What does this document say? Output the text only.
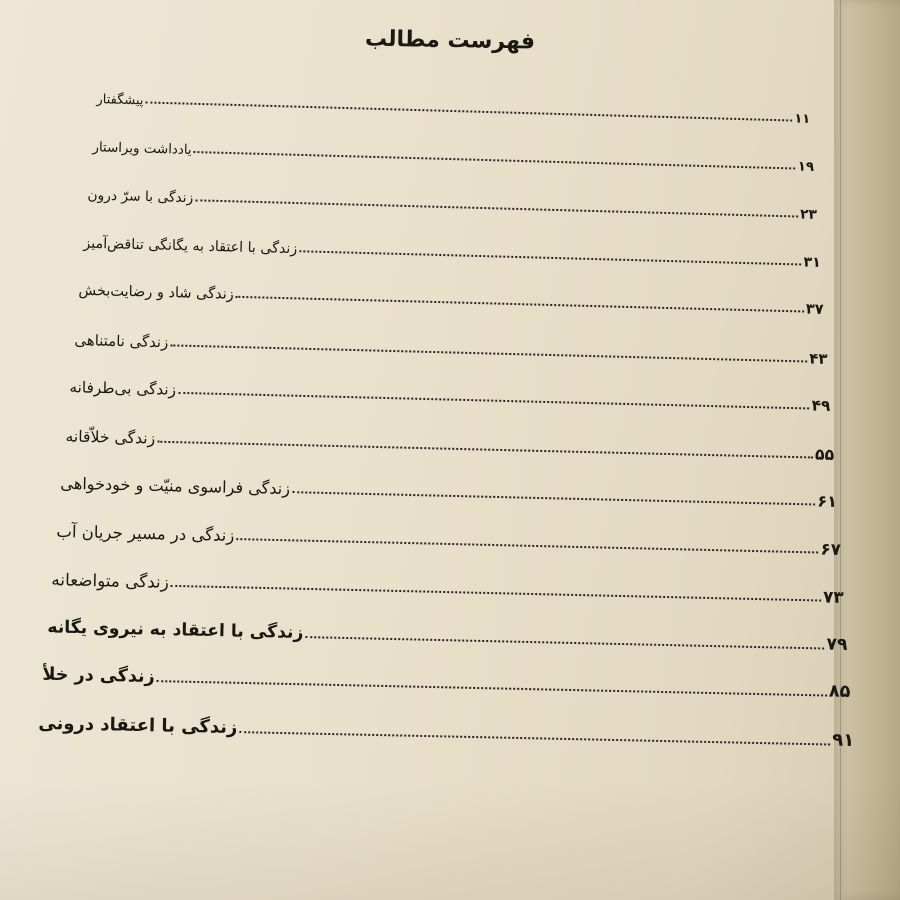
فهرست مطالب
پیشگفتار
۱۱
یادداشت ویراستار
۱۹
زندگی با سرّ درون
۲۳
زندگی با اعتقاد به یگانگی تناقض‌آمیز
۳۱
زندگی شاد و رضایت‌بخش
۳۷
زندگی نامتناهی
۴۳
زندگی بی‌طرفانه
۴۹
زندگی خلاّقانه
۵۵
زندگی فراسوی منیّت و خودخواهی
۶۱
زندگی در مسیر جریان آب
۶۷
زندگی متواضعانه
۷۳
زندگی با اعتقاد به نیروی یگانه
۷۹
زندگی در خلأ
۸۵
زندگی با اعتقاد درونی
۹۱
